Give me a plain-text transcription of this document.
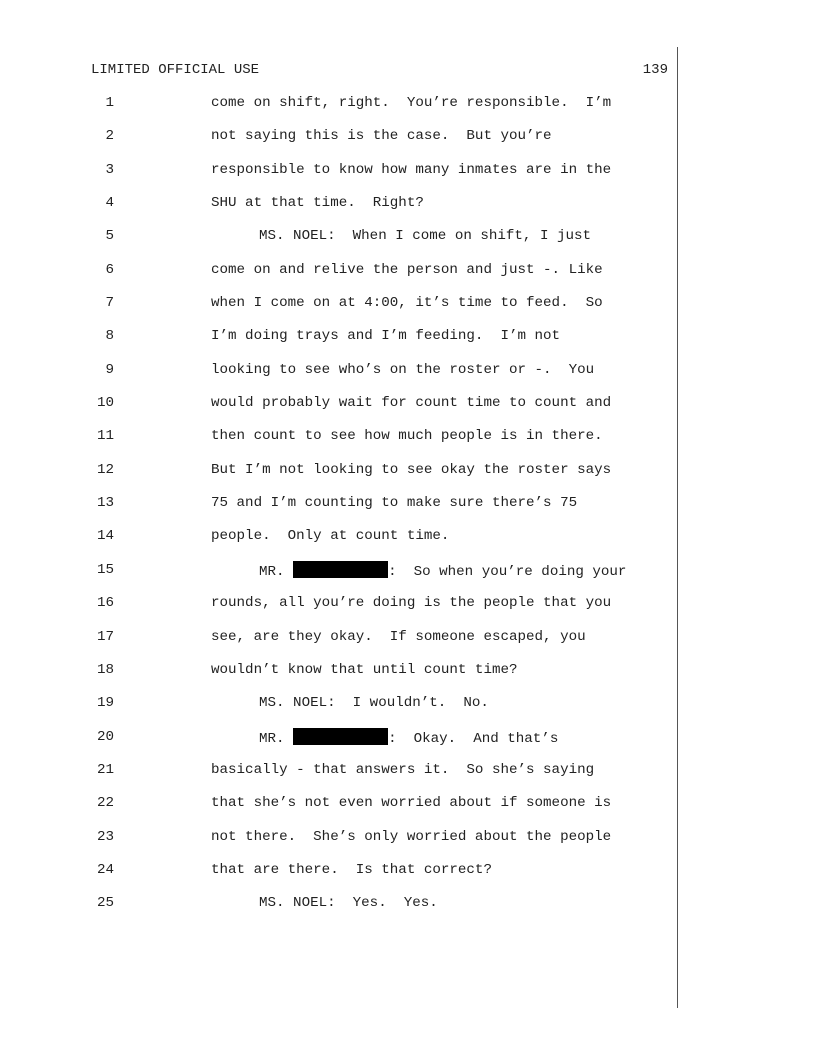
LIMITED OFFICIAL USE	139

1

	come on shift, right.  You’re responsible.  I’m

2

	not saying this is the case.  But you’re

3

	responsible to know how many inmates are in the

4

	SHU at that time.  Right?

5

	MS. NOEL:  When I come on shift, I just

6

	come on and relive the person and just -. Like

7

	when I come on at 4:00, it’s time to feed.  So

8

	I’m doing trays and I’m feeding.  I’m not

9

	looking to see who’s on the roster or -.  You

10

	would probably wait for count time to count and

11

	then count to see how much people is in there.

12

	But I’m not looking to see okay the roster says

13

	75 and I’m counting to make sure there’s 75

14

	people.  Only at count time.

15

	MR.	:  So when you’re doing your

16

	rounds, all you’re doing is the people that you

17

	see, are they okay.  If someone escaped, you

18

	wouldn’t know that until count time?

19

	MS. NOEL:  I wouldn’t.  No.

20

	MR.	:  Okay.  And that’s

21

	basically - that answers it.  So she’s saying

22

	that she’s not even worried about if someone is

23

	not there.  She’s only worried about the people

24

	that are there.  Is that correct?

25

	MS. NOEL:  Yes.  Yes.
